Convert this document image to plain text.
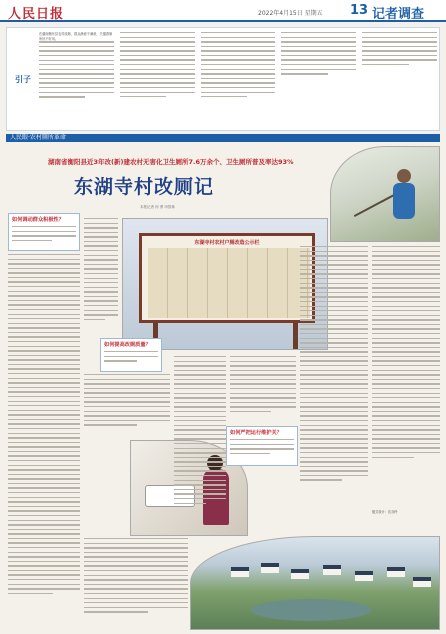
人民日报	2022年4月15日 星期五 13 记者调查
引子
在湖南衡东县农村改厕，群众满意不满意，关键看厕所好不好用。
人民眼·农村厕所革命
湖南省衡阳县近3年改(新)建农村无害化卫生厕所7.6万余个、卫生厕所普及率达93%
东湖寺村改厕记
本报记者 何 勇 申智林
东湖寺村农村户厕改造公示栏
如何调动群众积极性？
如何提高改厕质量？
如何严把运行维护关？
版式设计：沈亦伶
